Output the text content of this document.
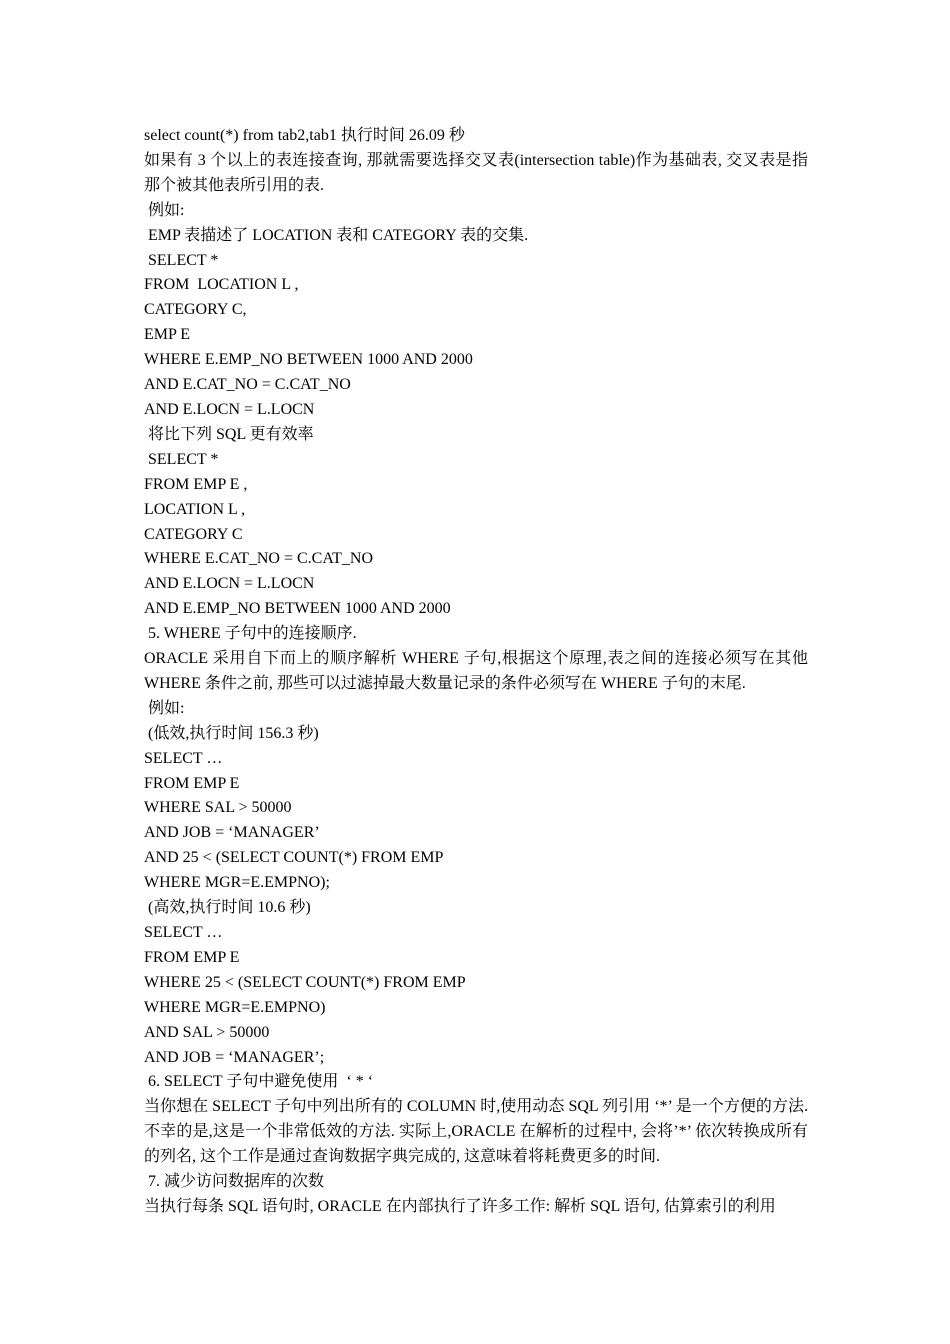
select count(*) from tab2,tab1 执行时间 26.09 秒
如果有 3 个以上的表连接查询, 那就需要选择交叉表(intersection table)作为基础表, 交叉表是指那个被其他表所引用的表.
例如:
EMP 表描述了 LOCATION 表和 CATEGORY 表的交集.
SELECT *
FROM  LOCATION L ,
CATEGORY C,
EMP E
WHERE E.EMP_NO BETWEEN 1000 AND 2000
AND E.CAT_NO = C.CAT_NO
AND E.LOCN = L.LOCN
将比下列 SQL 更有效率
SELECT *
FROM EMP E ,
LOCATION L ,
CATEGORY C
WHERE E.CAT_NO = C.CAT_NO
AND E.LOCN = L.LOCN
AND E.EMP_NO BETWEEN 1000 AND 2000
5. WHERE 子句中的连接顺序.
ORACLE 采用自下而上的顺序解析 WHERE 子句,根据这个原理,表之间的连接必须写在其他 WHERE 条件之前, 那些可以过滤掉最大数量记录的条件必须写在 WHERE 子句的末尾.
例如:
(低效,执行时间 156.3 秒)
SELECT …
FROM EMP E
WHERE SAL > 50000
AND JOB = ‘MANAGER’
AND 25 < (SELECT COUNT(*) FROM EMP
WHERE MGR=E.EMPNO);
(高效,执行时间 10.6 秒)
SELECT …
FROM EMP E
WHERE 25 < (SELECT COUNT(*) FROM EMP
WHERE MGR=E.EMPNO)
AND SAL > 50000
AND JOB = ‘MANAGER’;
6. SELECT 子句中避免使用  ‘ * ‘
当你想在 SELECT 子句中列出所有的 COLUMN 时,使用动态 SQL 列引用 ‘*’ 是一个方便的方法.不幸的是,这是一个非常低效的方法. 实际上,ORACLE 在解析的过程中, 会将’*’ 依次转换成所有的列名, 这个工作是通过查询数据字典完成的, 这意味着将耗费更多的时间.
7. 减少访问数据库的次数
当执行每条 SQL 语句时, ORACLE 在内部执行了许多工作: 解析 SQL 语句, 估算索引的利用
